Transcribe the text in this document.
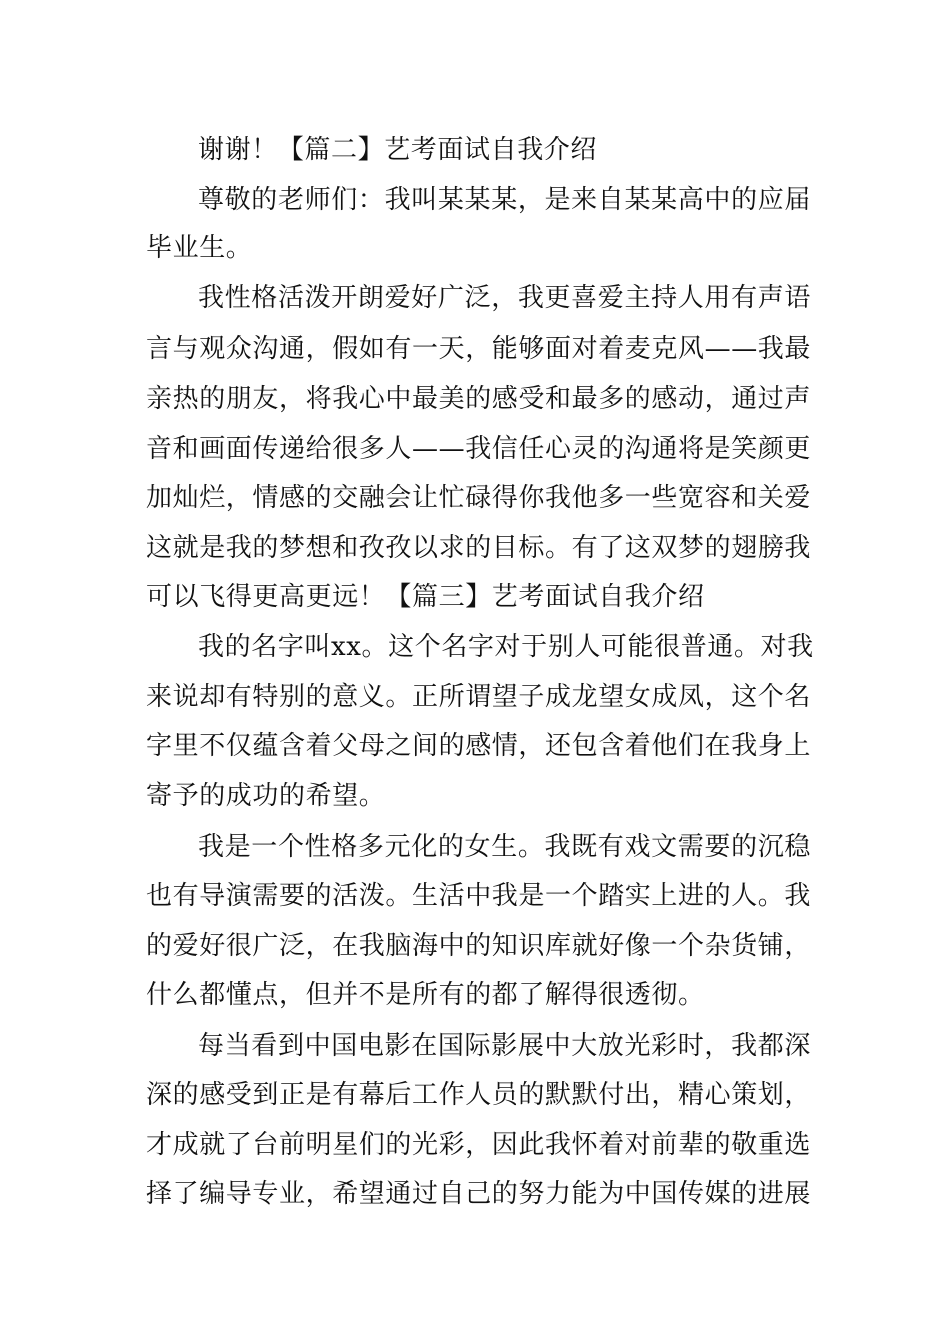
谢谢！【篇二】艺考面试自我介绍
尊敬的老师们：我叫某某某，是来自某某高中的应届
毕业生。
我性格活泼开朗爱好广泛，我更喜爱主持人用有声语
言与观众沟通，假如有一天，能够面对着麦克风——我最
亲热的朋友，将我心中最美的感受和最多的感动，通过声
音和画面传递给很多人——我信任心灵的沟通将是笑颜更
加灿烂，情感的交融会让忙碌得你我他多一些宽容和关爱
这就是我的梦想和孜孜以求的目标。有了这双梦的翅膀我
可以飞得更高更远！【篇三】艺考面试自我介绍
我的名字叫xx。这个名字对于别人可能很普通。对我
来说却有特别的意义。正所谓望子成龙望女成凤，这个名
字里不仅蕴含着父母之间的感情，还包含着他们在我身上
寄予的成功的希望。
我是一个性格多元化的女生。我既有戏文需要的沉稳
也有导演需要的活泼。生活中我是一个踏实上进的人。我
的爱好很广泛，在我脑海中的知识库就好像一个杂货铺，
什么都懂点，但并不是所有的都了解得很透彻。
每当看到中国电影在国际影展中大放光彩时，我都深
深的感受到正是有幕后工作人员的默默付出，精心策划，
才成就了台前明星们的光彩，因此我怀着对前辈的敬重选
择了编导专业，希望通过自己的努力能为中国传媒的进展
